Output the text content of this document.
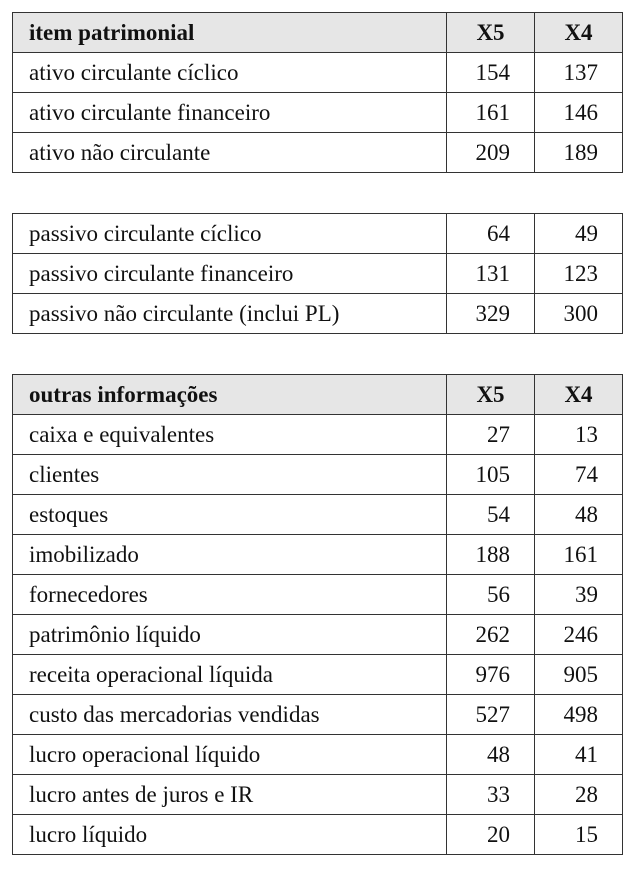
item patrimonial	X5	X4
ativo circulante cíclico	154	137
ativo circulante financeiro	161	146
ativo não circulante	209	189
passivo circulante cíclico	64	49
passivo circulante financeiro	131	123
passivo não circulante (inclui PL)	329	300
outras informações	X5	X4
caixa e equivalentes	27	13
clientes	105	74
estoques	54	48
imobilizado	188	161
fornecedores	56	39
patrimônio líquido	262	246
receita operacional líquida	976	905
custo das mercadorias vendidas	527	498
lucro operacional líquido	48	41
lucro antes de juros e IR	33	28
lucro líquido	20	15
